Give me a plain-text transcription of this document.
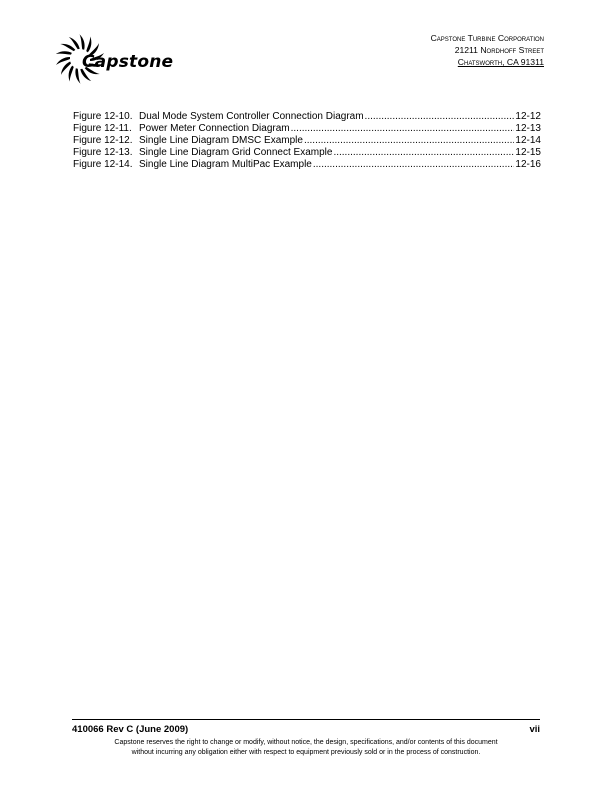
Capstone
Capstone Turbine Corporation
21211 Nordhoff Street
Chatsworth, CA 91311
Figure 12-10. Dual Mode System Controller Connection Diagram .....	12-12
Figure 12-11. Power Meter Connection Diagram .....	12-13
Figure 12-12. Single Line Diagram DMSC Example .....	12-14
Figure 12-13. Single Line Diagram Grid Connect Example .....	12-15
Figure 12-14. Single Line Diagram MultiPac Example .....	12-16
410066 Rev C (June 2009)	vii
Capstone reserves the right to change or modify, without notice, the design, specifications, and/or contents of this document
without incurring any obligation either with respect to equipment previously sold or in the process of construction.
